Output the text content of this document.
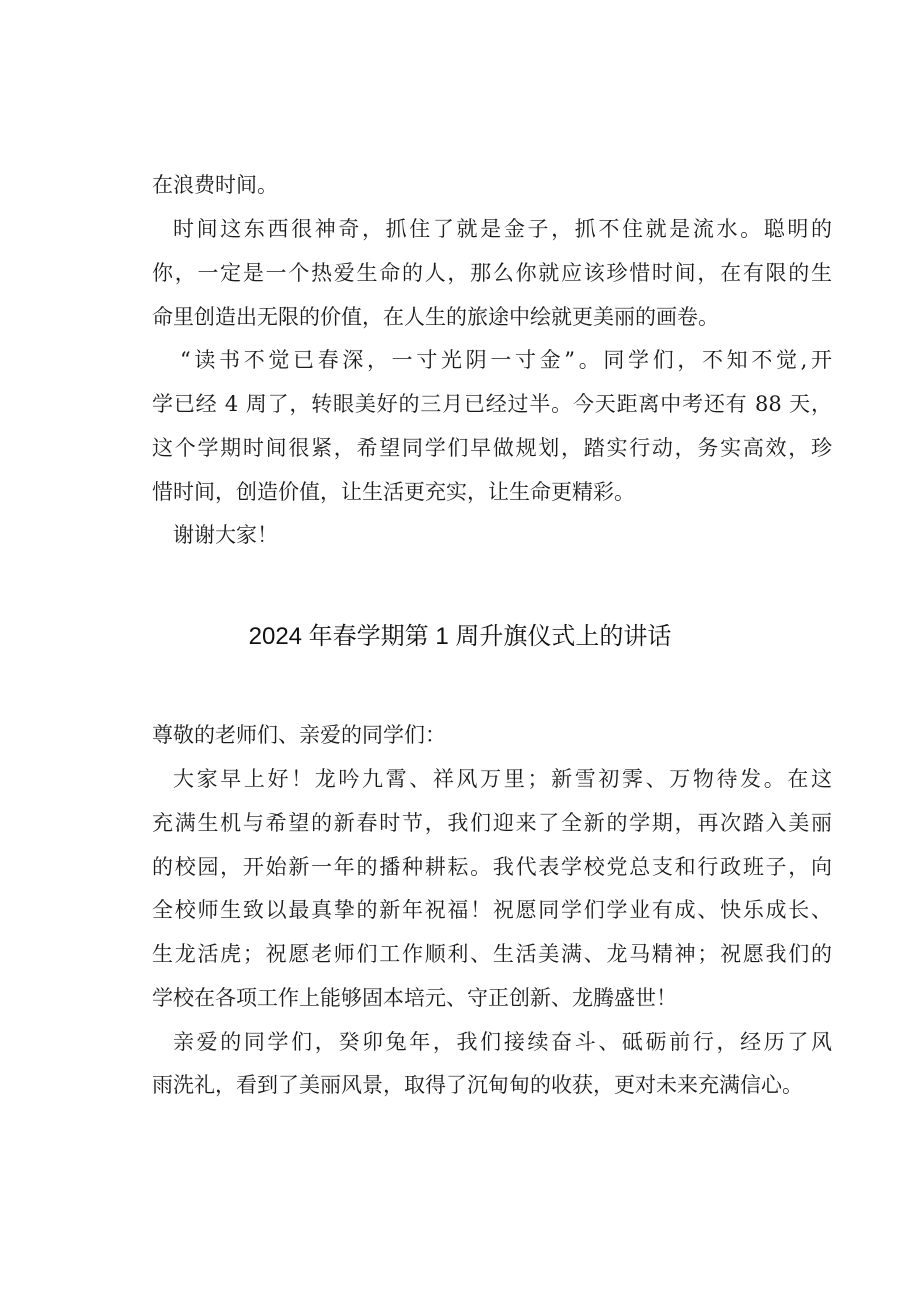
在浪费时间。
时间这东西很神奇，抓住了就是金子，抓不住就是流水。聪明的
你，一定是一个热爱生命的人，那么你就应该珍惜时间，在有限的生
命里创造出无限的价值，在人生的旅途中绘就更美丽的画卷。
“读书不觉已春深，一寸光阴一寸金”。同学们，不知不觉,开
学已经 4 周了，转眼美好的三月已经过半。今天距离中考还有 88 天，
这个学期时间很紧，希望同学们早做规划，踏实行动，务实高效，珍
惜时间，创造价值，让生活更充实，让生命更精彩。
谢谢大家！
2024 年春学期第 1 周升旗仪式上的讲话
尊敬的老师们、亲爱的同学们：
大家早上好！龙吟九霄、祥风万里；新雪初霁、万物待发。在这
充满生机与希望的新春时节，我们迎来了全新的学期，再次踏入美丽
的校园，开始新一年的播种耕耘。我代表学校党总支和行政班子，向
全校师生致以最真挚的新年祝福！祝愿同学们学业有成、快乐成长、
生龙活虎；祝愿老师们工作顺利、生活美满、龙马精神；祝愿我们的
学校在各项工作上能够固本培元、守正创新、龙腾盛世！
亲爱的同学们，癸卯兔年，我们接续奋斗、砥砺前行，经历了风
雨洗礼，看到了美丽风景，取得了沉甸甸的收获，更对未来充满信心。
